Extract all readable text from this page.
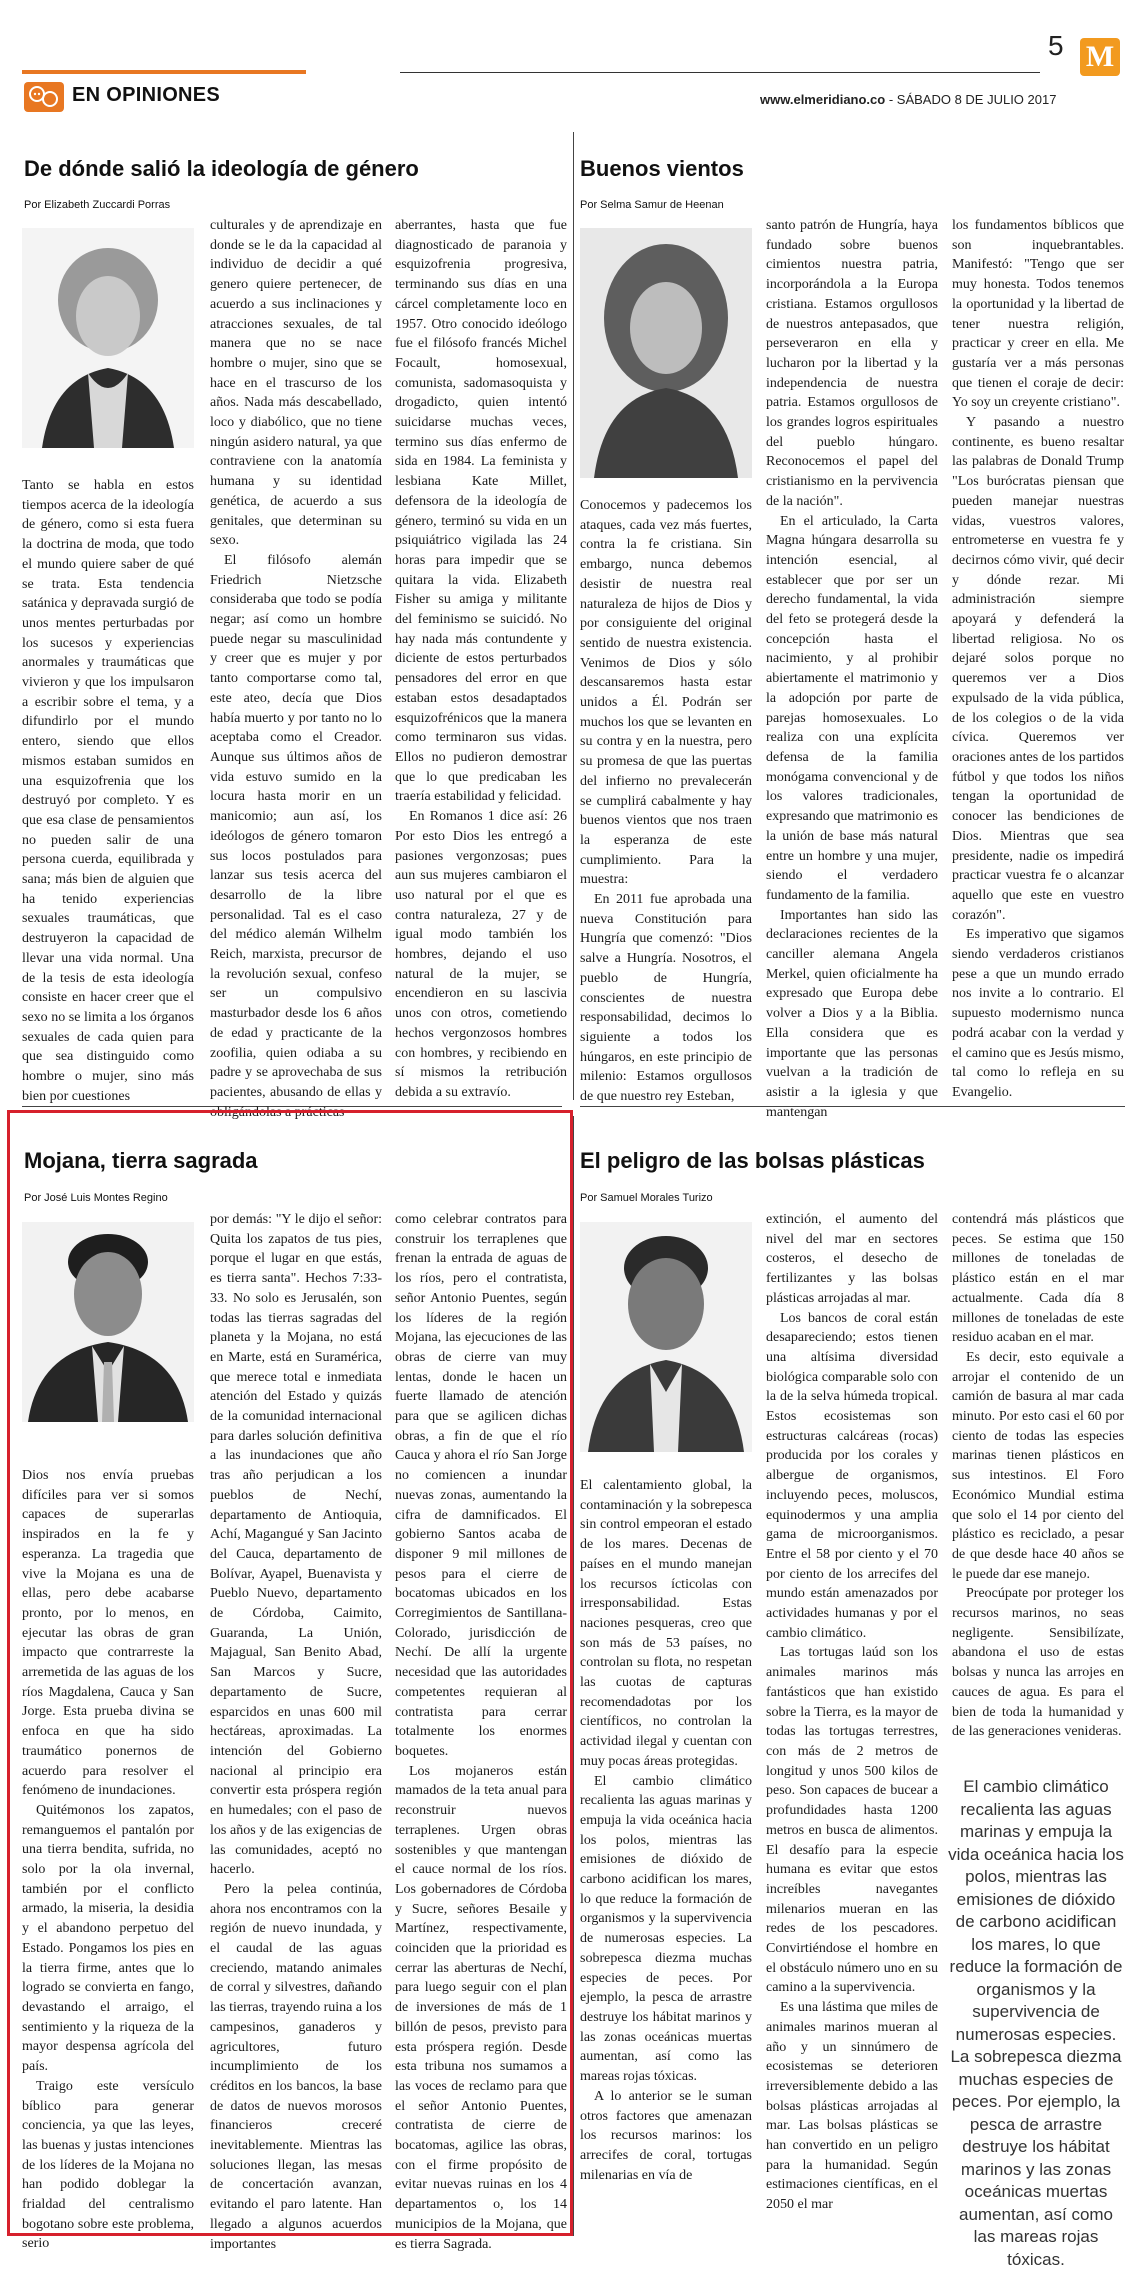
5 M
EN OPINIONES	www.elmeridiano.co - SÁBADO 8 DE JULIO 2017
De dónde salió la ideología de género
Por Elizabeth Zuccardi Porras

Tanto se habla en estos tiempos acerca de la ideología de género, como si esta fuera la doctrina de moda, que todo el mundo quiere saber de qué se trata. Esta tendencia satánica y depravada surgió de unos mentes perturbadas por los sucesos y experiencias anormales y traumáticas que vivieron y que los impulsaron a escribir sobre el tema, y a difundirlo por el mundo entero, siendo que ellos mismos estaban sumidos en una esquizofrenia que los destruyó por completo. Y es que esa clase de pensamientos no pueden salir de una persona cuerda, equilibrada y sana; más bien de alguien que ha tenido experiencias sexuales traumáticas, que destruyeron la capacidad de llevar una vida normal. Una de la tesis de esta ideología consiste en hacer creer que el sexo no se limita a los órganos sexuales de cada quien para que sea distinguido como hombre o mujer, sino más bien por cuestiones

culturales y de aprendizaje en donde se le da la capacidad al individuo de decidir a qué genero quiere pertenecer, de acuerdo a sus inclinaciones y atracciones sexuales, de tal manera que no se nace hombre o mujer, sino que se hace en el trascurso de los años. Nada más descabellado, loco y diabólico, que no tiene ningún asidero natural, ya que contraviene con la anatomía humana y su identidad genética, de acuerdo a sus genitales, que determinan su sexo.

El filósofo alemán Friedrich Nietzsche consideraba que todo se podía negar; así como un hombre puede negar su masculinidad y creer que es mujer y por tanto comportarse como tal, este ateo, decía que Dios había muerto y por tanto no lo aceptaba como el Creador. Aunque sus últimos años de vida estuvo sumido en la locura hasta morir en un manicomio; aun así, los ideólogos de género tomaron sus locos postulados para lanzar sus tesis acerca del desarrollo de la libre personalidad. Tal es el caso del médico alemán Wilhelm Reich, marxista, precursor de la revolución sexual, confeso ser un compulsivo masturbador desde los 6 años de edad y practicante de la zoofilia, quien odiaba a su padre y se aprovechaba de sus pacientes, abusando de ellas y obligándolas a prácticas

aberrantes, hasta que fue diagnosticado de paranoia y esquizofrenia progresiva, terminando sus días en una cárcel completamente loco en 1957. Otro conocido ideólogo fue el filósofo francés Michel Focault, homosexual, comunista, sadomasoquista y drogadicto, quien intentó suicidarse muchas veces, termino sus días enfermo de sida en 1984. La feminista y lesbiana Kate Millet, defensora de la ideología de género, terminó su vida en un psiquiátrico vigilada las 24 horas para impedir que se quitara la vida. Elizabeth Fisher su amiga y militante del feminismo se suicidó. No hay nada más contundente y diciente de estos perturbados pensadores del error en que estaban estos desadaptados esquizofrénicos que la manera como terminaron sus vidas. Ellos no pudieron demostrar que lo que predicaban les traería estabilidad y felicidad.

En Romanos 1 dice así: 26 Por esto Dios les entregó a pasiones vergonzosas; pues aun sus mujeres cambiaron el uso natural por el que es contra naturaleza, 27 y de igual modo también los hombres, dejando el uso natural de la mujer, se encendieron en su lascivia unos con otros, cometiendo hechos vergonzosos hombres con hombres, y recibiendo en sí mismos la retribución debida a su extravío.

Buenos vientos
Por Selma Samur de Heenan

Conocemos y padecemos los ataques, cada vez más fuertes, contra la fe cristiana. Sin embargo, nunca debemos desistir de nuestra real naturaleza de hijos de Dios y por consiguiente del original sentido de nuestra existencia. Venimos de Dios y sólo descansaremos hasta estar unidos a Él. Podrán ser muchos los que se levanten en su contra y en la nuestra, pero su promesa de que las puertas del infierno no prevalecerán se cumplirá cabalmente y hay buenos vientos que nos traen la esperanza de este cumplimiento. Para la muestra:

En 2011 fue aprobada una nueva Constitución para Hungría que comenzó: "Dios salve a Hungría. Nosotros, el pueblo de Hungría, conscientes de nuestra responsabilidad, decimos lo siguiente a todos los húngaros, en este principio de milenio: Estamos orgullosos de que nuestro rey Esteban,

santo patrón de Hungría, haya fundado sobre buenos cimientos nuestra patria, incorporándola a la Europa cristiana. Estamos orgullosos de nuestros antepasados, que perseveraron en ella y lucharon por la libertad y la independencia de nuestra patria. Estamos orgullosos de los grandes logros espirituales del pueblo húngaro. Reconocemos el papel del cristianismo en la pervivencia de la nación".

En el articulado, la Carta Magna húngara desarrolla su intención esencial, al establecer que por ser un derecho fundamental, la vida del feto se protegerá desde la concepción hasta el nacimiento, y al prohibir abiertamente el matrimonio y la adopción por parte de parejas homosexuales. Lo realiza con una explícita defensa de la familia monógama convencional y de los valores tradicionales, expresando que matrimonio es la unión de base más natural entre un hombre y una mujer, siendo el verdadero fundamento de la familia.

Importantes han sido las declaraciones recientes de la canciller alemana Angela Merkel, quien oficialmente ha expresado que Europa debe volver a Dios y a la Biblia. Ella considera que es importante que las personas vuelvan a la tradición de asistir a la iglesia y que mantengan

los fundamentos bíblicos que son inquebrantables. Manifestó: "Tengo que ser muy honesta. Todos tenemos la oportunidad y la libertad de tener nuestra religión, practicar y creer en ella. Me gustaría ver a más personas que tienen el coraje de decir: Yo soy un creyente cristiano".

Y pasando a nuestro continente, es bueno resaltar las palabras de Donald Trump "Los burócratas piensan que pueden manejar nuestras vidas, vuestros valores, entrometerse en vuestra fe y decirnos cómo vivir, qué decir y dónde rezar. Mi administración siempre apoyará y defenderá la libertad religiosa. No os dejaré solos porque no queremos ver a Dios expulsado de la vida pública, de los colegios o de la vida cívica. Queremos ver oraciones antes de los partidos fútbol y que todos los niños tengan la oportunidad de conocer las bendiciones de Dios. Mientras que sea presidente, nadie os impedirá practicar vuestra fe o alcanzar aquello que este en vuestro corazón".

Es imperativo que sigamos siendo verdaderos cristianos pese a que un mundo errado nos invite a lo contrario. El supuesto modernismo nunca podrá acabar con la verdad y el camino que es Jesús mismo, tal como lo refleja en su Evangelio.

Mojana, tierra sagrada
Por José Luis Montes Regino

Dios nos envía pruebas difíciles para ver si somos capaces de superarlas inspirados en la fe y esperanza. La tragedia que vive la Mojana es una de ellas, pero debe acabarse pronto, por lo menos, en ejecutar las obras de gran impacto que contrarreste la arremetida de las aguas de los ríos Magdalena, Cauca y San Jorge. Esta prueba divina se enfoca en que ha sido traumático ponernos de acuerdo para resolver el fenómeno de inundaciones.

Quitémonos los zapatos, remanguemos el pantalón por una tierra bendita, sufrida, no solo por la ola invernal, también por el conflicto armado, la miseria, la desidia y el abandono perpetuo del Estado. Pongamos los pies en la tierra firme, antes que lo logrado se convierta en fango, devastando el arraigo, el sentimiento y la riqueza de la mayor despensa agrícola del país.

Traigo este versículo bíblico para generar conciencia, ya que las leyes, las buenas y justas intenciones de los líderes de la Mojana no han podido doblegar la frialdad del centralismo bogotano sobre este problema, serio

por demás: "Y le dijo el señor: Quita los zapatos de tus pies, porque el lugar en que estás, es tierra santa". Hechos 7:33-33. No solo es Jerusalén, son todas las tierras sagradas del planeta y la Mojana, no está en Marte, está en Suramérica, que merece total e inmediata atención del Estado y quizás de la comunidad internacional para darles solución definitiva a las inundaciones que año tras año perjudican a los pueblos de Nechí, departamento de Antioquia, Achí, Magangué y San Jacinto del Cauca, departamento de Bolívar, Ayapel, Buenavista y Pueblo Nuevo, departamento de Córdoba, Caimito, Guaranda, La Unión, Majagual, San Benito Abad, San Marcos y Sucre, departamento de Sucre, esparcidos en unas 600 mil hectáreas, aproximadas. La intención del Gobierno nacional al principio era convertir esta próspera región en humedales; con el paso de los años y de las exigencias de las comunidades, aceptó no hacerlo.

Pero la pelea continúa, ahora nos encontramos con la región de nuevo inundada, y el caudal de las aguas creciendo, matando animales de corral y silvestres, dañando las tierras, trayendo ruina a los campesinos, ganaderos y agricultores, futuro incumplimiento de los créditos en los bancos, la base de datos de nuevos morosos financieros creceré inevitablemente. Mientras las soluciones llegan, las mesas de concertación avanzan, evitando el paro latente. Han llegado a algunos acuerdos importantes

como celebrar contratos para construir los terraplenes que frenan la entrada de aguas de los ríos, pero el contratista, señor Antonio Puentes, según los líderes de la región Mojana, las ejecuciones de las obras de cierre van muy lentas, donde le hacen un fuerte llamado de atención para que se agilicen dichas obras, a fin de que el río Cauca y ahora el río San Jorge no comiencen a inundar nuevas zonas, aumentando la cifra de damnificados. El gobierno Santos acaba de disponer 9 mil millones de pesos para el cierre de bocatomas ubicados en los Corregimientos de Santillana-Colorado, jurisdicción de Nechí. De allí la urgente necesidad que las autoridades competentes requieran al contratista para cerrar totalmente los enormes boquetes.

Los mojaneros están mamados de la teta anual para reconstruir nuevos terraplenes. Urgen obras sostenibles y que mantengan el cauce normal de los ríos. Los gobernadores de Córdoba y Sucre, señores Besaile y Martínez, respectivamente, coinciden que la prioridad es cerrar las aberturas de Nechí, para luego seguir con el plan de inversiones de más de 1 billón de pesos, previsto para esta próspera región. Desde esta tribuna nos sumamos a las voces de reclamo para que el señor Antonio Puentes, contratista de cierre de bocatomas, agilice las obras, con el firme propósito de evitar nuevas ruinas en los 4 departamentos o, los 14 municipios de la Mojana, que es tierra Sagrada.

El peligro de las bolsas plásticas
Por Samuel Morales Turizo

El calentamiento global, la contaminación y la sobrepesca sin control empeoran el estado de los mares. Decenas de países en el mundo manejan los recursos ícticolas con irresponsabilidad. Estas naciones pesqueras, creo que son más de 53 países, no controlan su flota, no respetan las cuotas de capturas recomendadotas por los científicos, no controlan la actividad ilegal y cuentan con muy pocas áreas protegidas.

El cambio climático recalienta las aguas marinas y empuja la vida oceánica hacia los polos, mientras las emisiones de dióxido de carbono acidifican los mares, lo que reduce la formación de organismos y la supervivencia de numerosas especies. La sobrepesca diezma muchas especies de peces. Por ejemplo, la pesca de arrastre destruye los hábitat marinos y las zonas oceánicas muertas aumentan, así como las mareas rojas tóxicas.

A lo anterior se le suman otros factores que amenazan los recursos marinos: los arrecifes de coral, tortugas milenarias en vía de

extinción, el aumento del nivel del mar en sectores costeros, el desecho de fertilizantes y las bolsas plásticas arrojadas al mar.

Los bancos de coral están desapareciendo; estos tienen una altísima diversidad biológica comparable solo con la de la selva húmeda tropical. Estos ecosistemas son estructuras calcáreas (rocas) producida por los corales y albergue de organismos, incluyendo peces, moluscos, equinodermos y una amplia gama de microorganismos. Entre el 58 por ciento y el 70 por ciento de los arrecifes del mundo están amenazados por actividades humanas y por el cambio climático.

Las tortugas laúd son los animales marinos más fantásticos que han existido sobre la Tierra, es la mayor de todas las tortugas terrestres, con más de 2 metros de longitud y unos 500 kilos de peso. Son capaces de bucear a profundidades hasta 1200 metros en busca de alimentos. El desafío para la especie humana es evitar que estos increíbles navegantes milenarios mueran en las redes de los pescadores. Convirtiéndose el hombre en el obstáculo número uno en su camino a la supervivencia.

Es una lástima que miles de animales marinos mueran al año y un sinnúmero de ecosistemas se deterioren irreversiblemente debido a las bolsas plásticas arrojadas al mar. Las bolsas plásticas se han convertido en un peligro para la humanidad. Según estimaciones científicas, en el 2050 el mar

contendrá más plásticos que peces. Se estima que 150 millones de toneladas de plástico están en el mar actualmente. Cada día 8 millones de toneladas de este residuo acaban en el mar.

Es decir, esto equivale a arrojar el contenido de un camión de basura al mar cada minuto. Por esto casi el 60 por ciento de todas las especies marinas tienen plásticos en sus intestinos. El Foro Económico Mundial estima que solo el 14 por ciento del plástico es reciclado, a pesar de que desde hace 40 años se le puede dar ese manejo.

Preocúpate por proteger los recursos marinos, no seas negligente. Sensibilízate, abandona el uso de estas bolsas y nunca las arrojes en cauces de agua. Es para el bien de toda la humanidad y de las generaciones venideras.

El cambio climático recalienta las aguas marinas y empuja la vida oceánica hacia los polos, mientras las emisiones de dióxido de carbono acidifican los mares, lo que reduce la formación de organismos y la supervivencia de numerosas especies. La sobrepesca diezma muchas especies de peces. Por ejemplo, la pesca de arrastre destruye los hábitat marinos y las zonas oceánicas muertas aumentan, así como las mareas rojas tóxicas.
